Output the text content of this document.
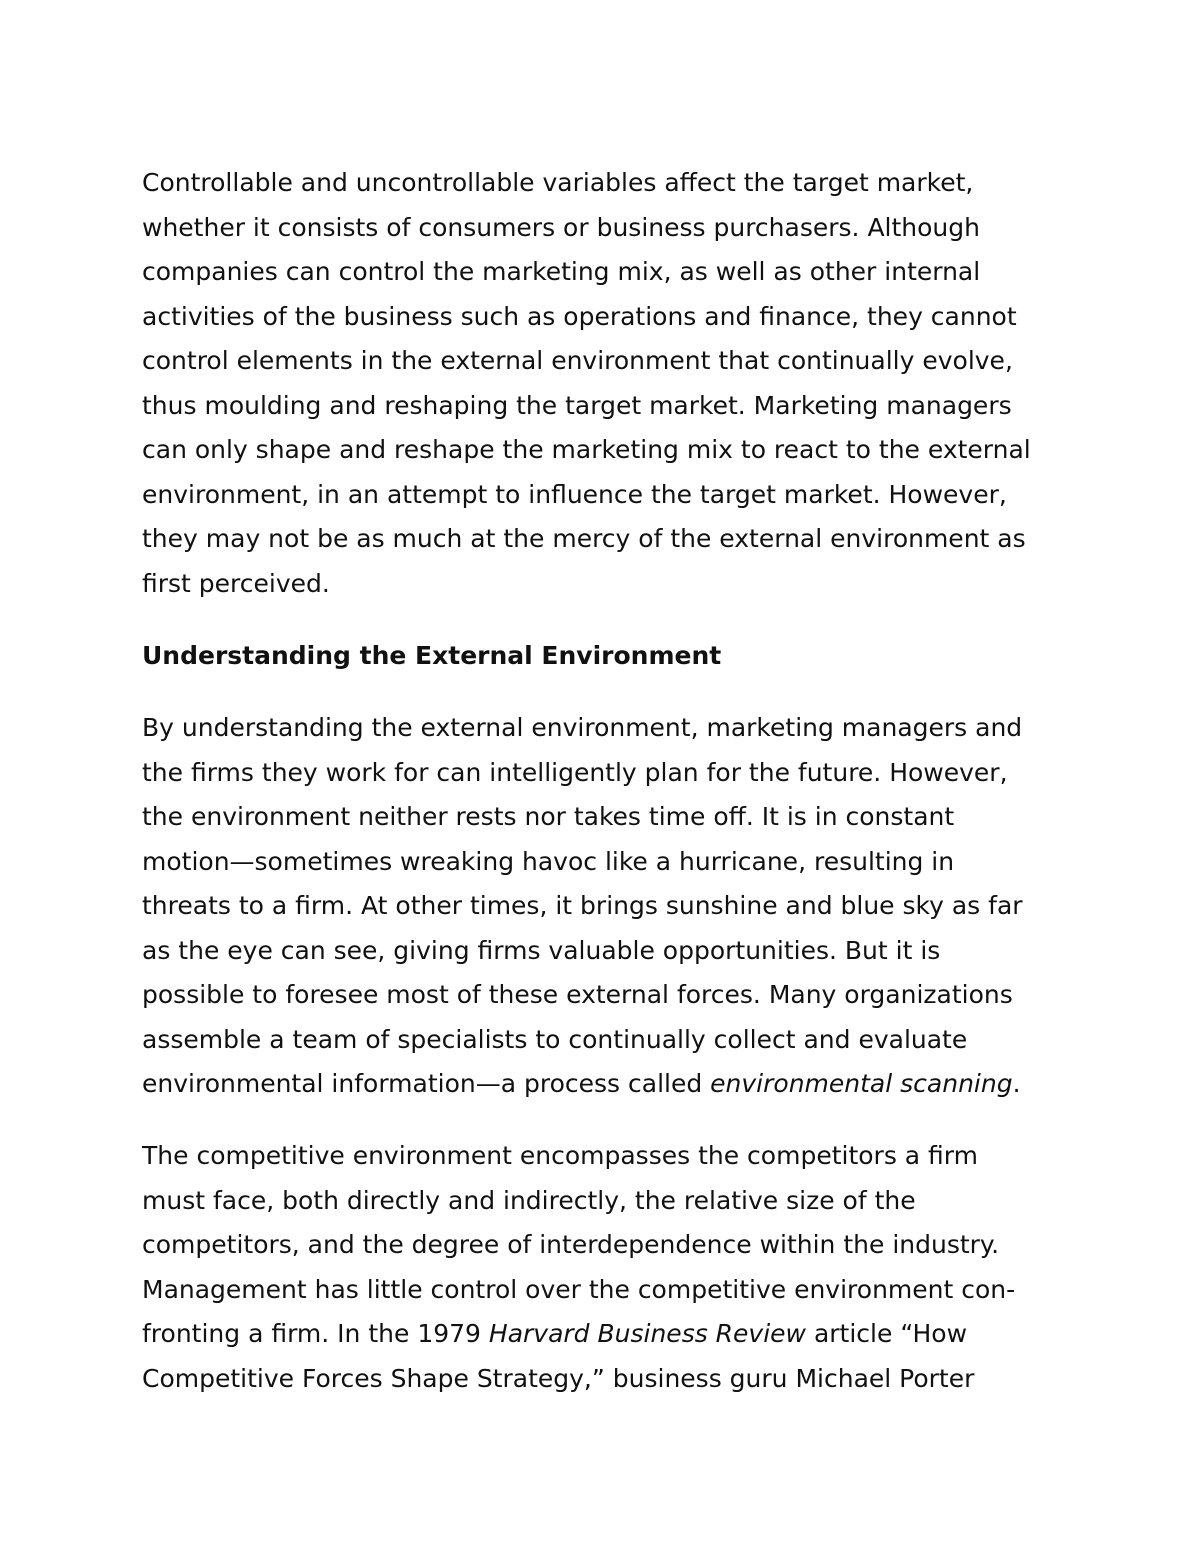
Controllable and uncontrollable variables affect the target market,
whether it consists of consumers or business purchasers. Although
companies can control the marketing mix, as well as other internal
activities of the business such as operations and finance, they cannot
control elements in the external environment that continually evolve,
thus moulding and reshaping the target market. Marketing managers
can only shape and reshape the marketing mix to react to the external
environment, in an attempt to influence the target market. However,
they may not be as much at the mercy of the external environment as
first perceived.
Understanding the External Environment
By understanding the external environment, marketing managers and
the firms they work for can intelligently plan for the future. However,
the environment neither rests nor takes time off. It is in constant
motion—sometimes wreaking havoc like a hurricane, resulting in
threats to a firm. At other times, it brings sunshine and blue sky as far
as the eye can see, giving firms valuable opportunities. But it is
possible to foresee most of these external forces. Many organizations
assemble a team of specialists to continually collect and evaluate
environmental information—a process called environmental scanning.
The competitive environment encompasses the competitors a firm
must face, both directly and indirectly, the relative size of the
competitors, and the degree of interdependence within the industry.
Management has little control over the competitive environment con-
fronting a firm. In the 1979 Harvard Business Review article “How
Competitive Forces Shape Strategy,” business guru Michael Porter
